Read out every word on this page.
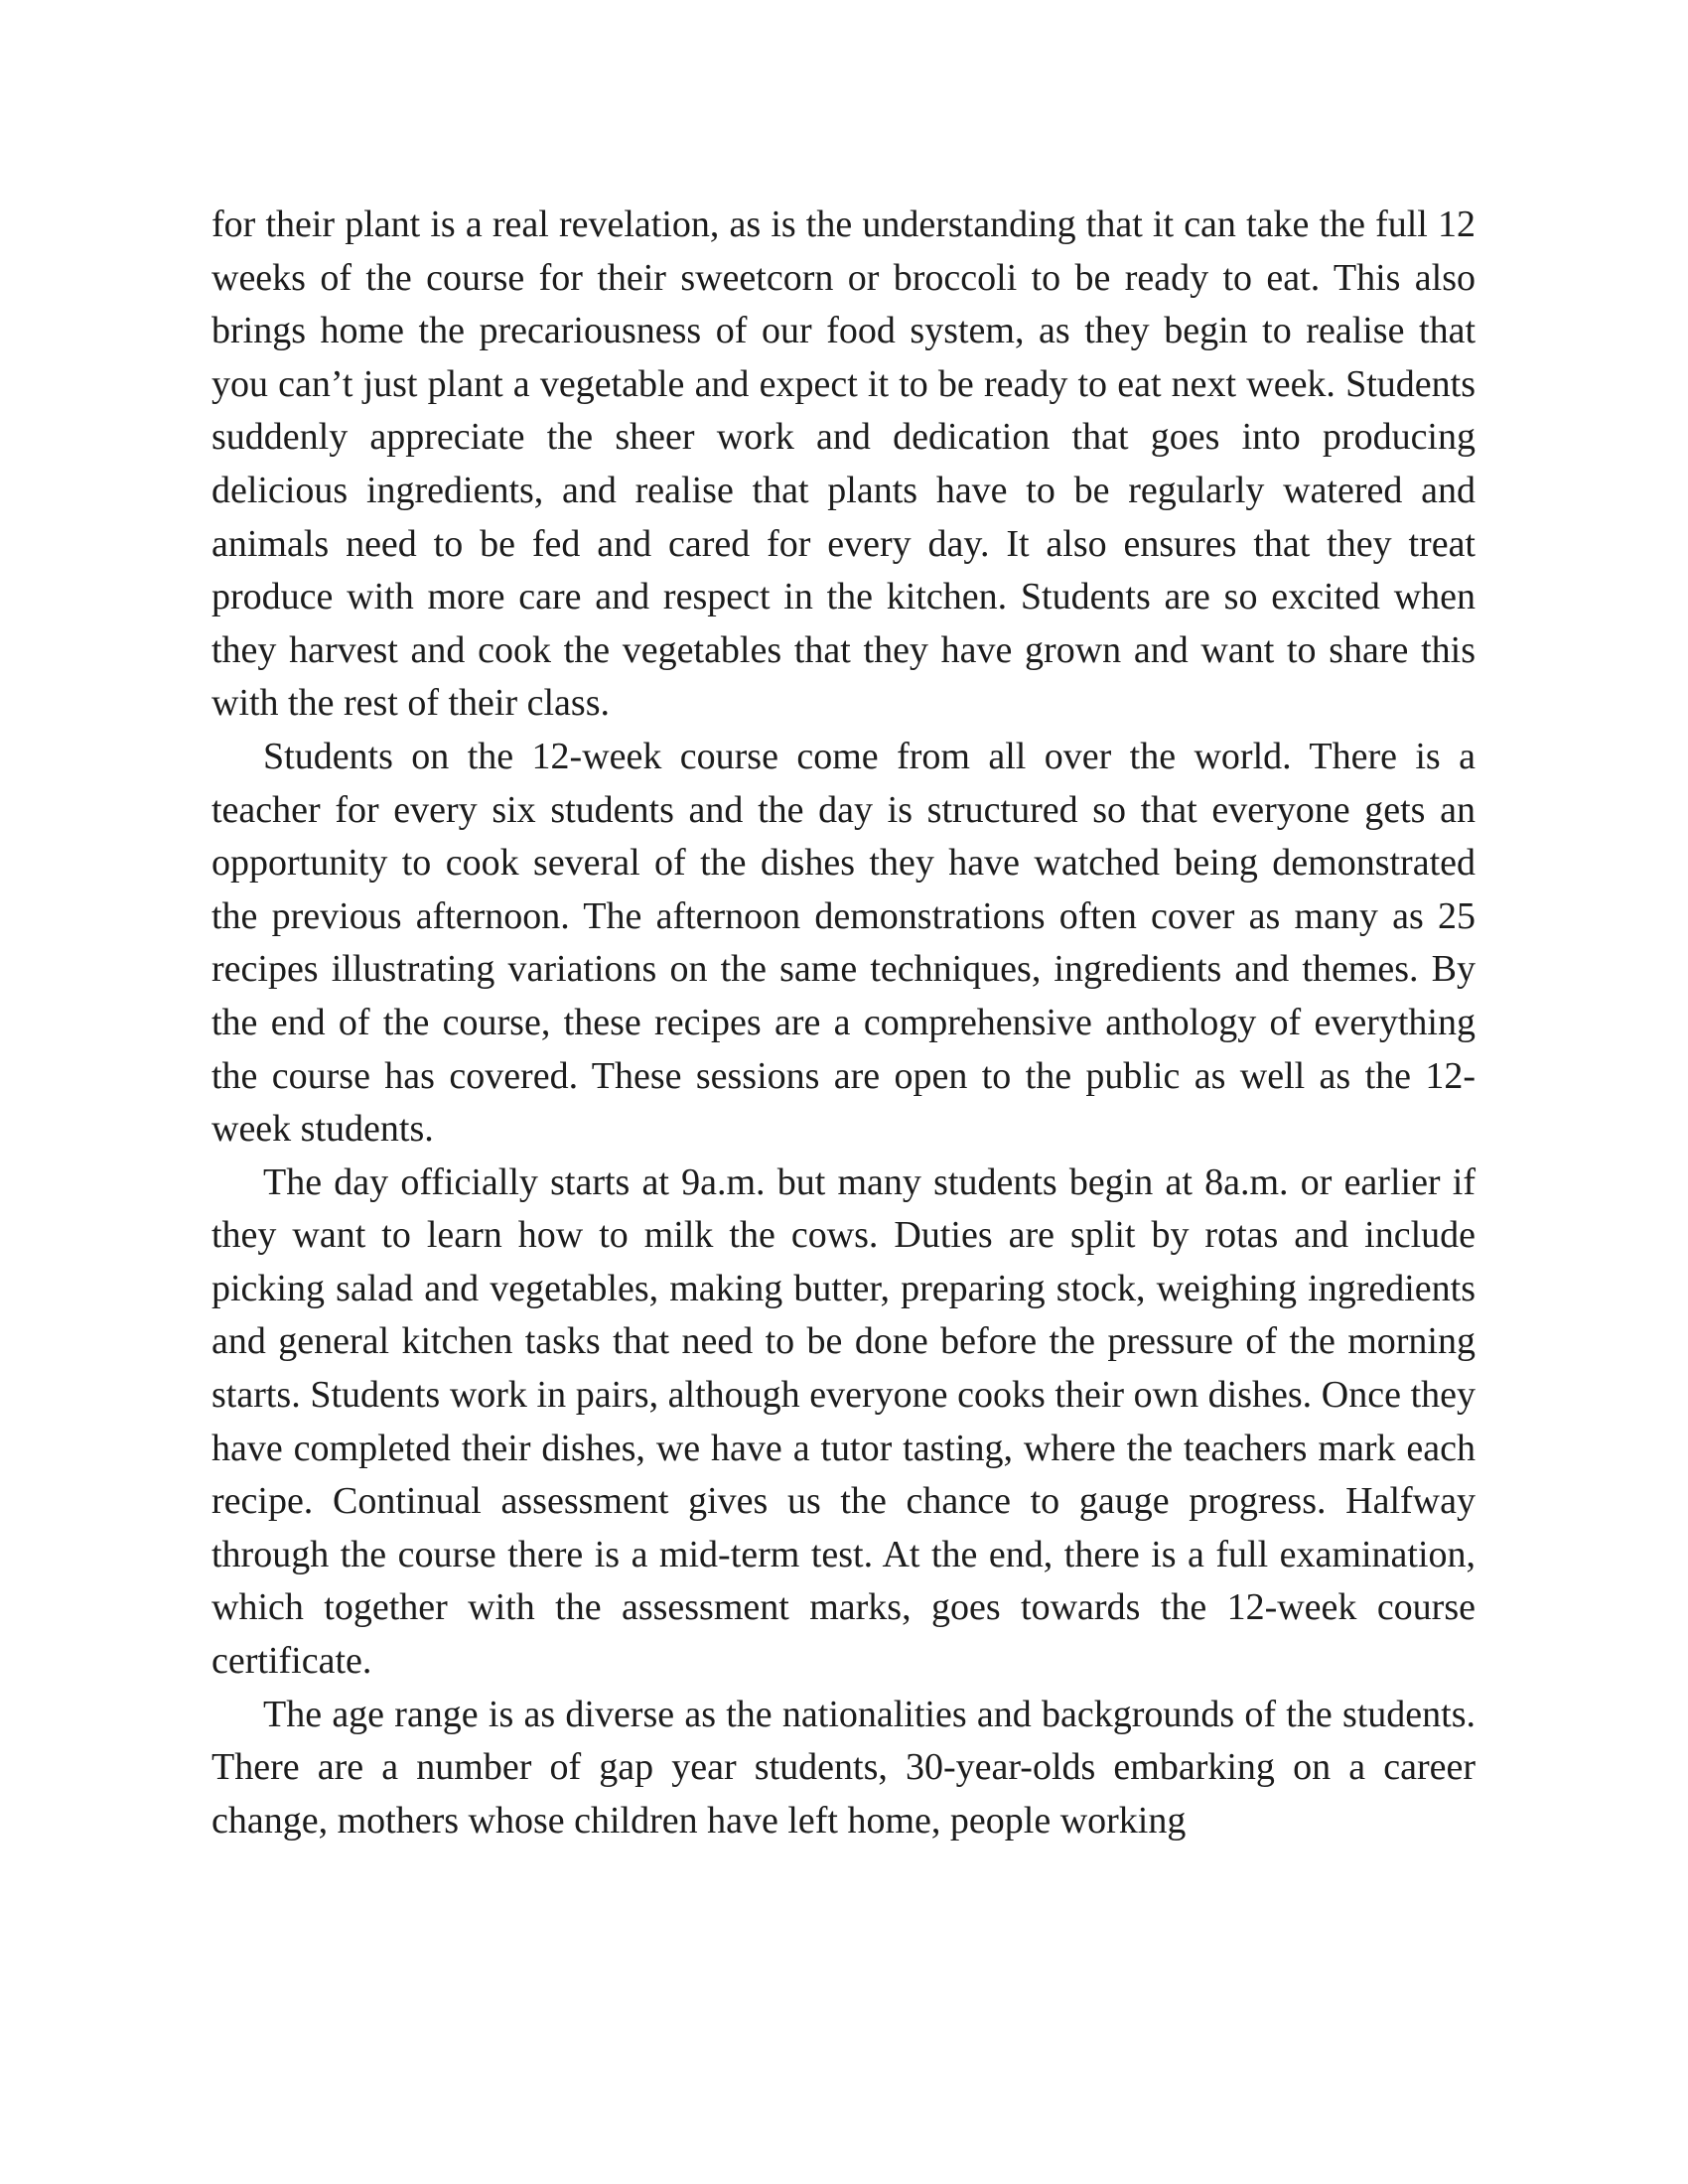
for their plant is a real revelation, as is the understanding that it can take the full 12 weeks of the course for their sweetcorn or broccoli to be ready to eat. This also brings home the precariousness of our food system, as they begin to realise that you can’t just plant a vegetable and expect it to be ready to eat next week. Students suddenly appreciate the sheer work and dedication that goes into producing delicious ingredients, and realise that plants have to be regularly watered and animals need to be fed and cared for every day. It also ensures that they treat produce with more care and respect in the kitchen. Students are so excited when they harvest and cook the vegetables that they have grown and want to share this with the rest of their class.

Students on the 12-week course come from all over the world. There is a teacher for every six students and the day is structured so that everyone gets an opportunity to cook several of the dishes they have watched being demonstrated the previous afternoon. The afternoon demonstrations often cover as many as 25 recipes illustrating variations on the same techniques, ingredients and themes. By the end of the course, these recipes are a comprehensive anthology of everything the course has covered. These sessions are open to the public as well as the 12-week students.

The day officially starts at 9a.m. but many students begin at 8a.m. or earlier if they want to learn how to milk the cows. Duties are split by rotas and include picking salad and vegetables, making butter, preparing stock, weighing ingredients and general kitchen tasks that need to be done before the pressure of the morning starts. Students work in pairs, although everyone cooks their own dishes. Once they have completed their dishes, we have a tutor tasting, where the teachers mark each recipe. Continual assessment gives us the chance to gauge progress. Halfway through the course there is a mid-term test. At the end, there is a full examination, which together with the assessment marks, goes towards the 12-week course certificate.

The age range is as diverse as the nationalities and backgrounds of the students. There are a number of gap year students, 30-year-olds embarking on a career change, mothers whose children have left home, people working
